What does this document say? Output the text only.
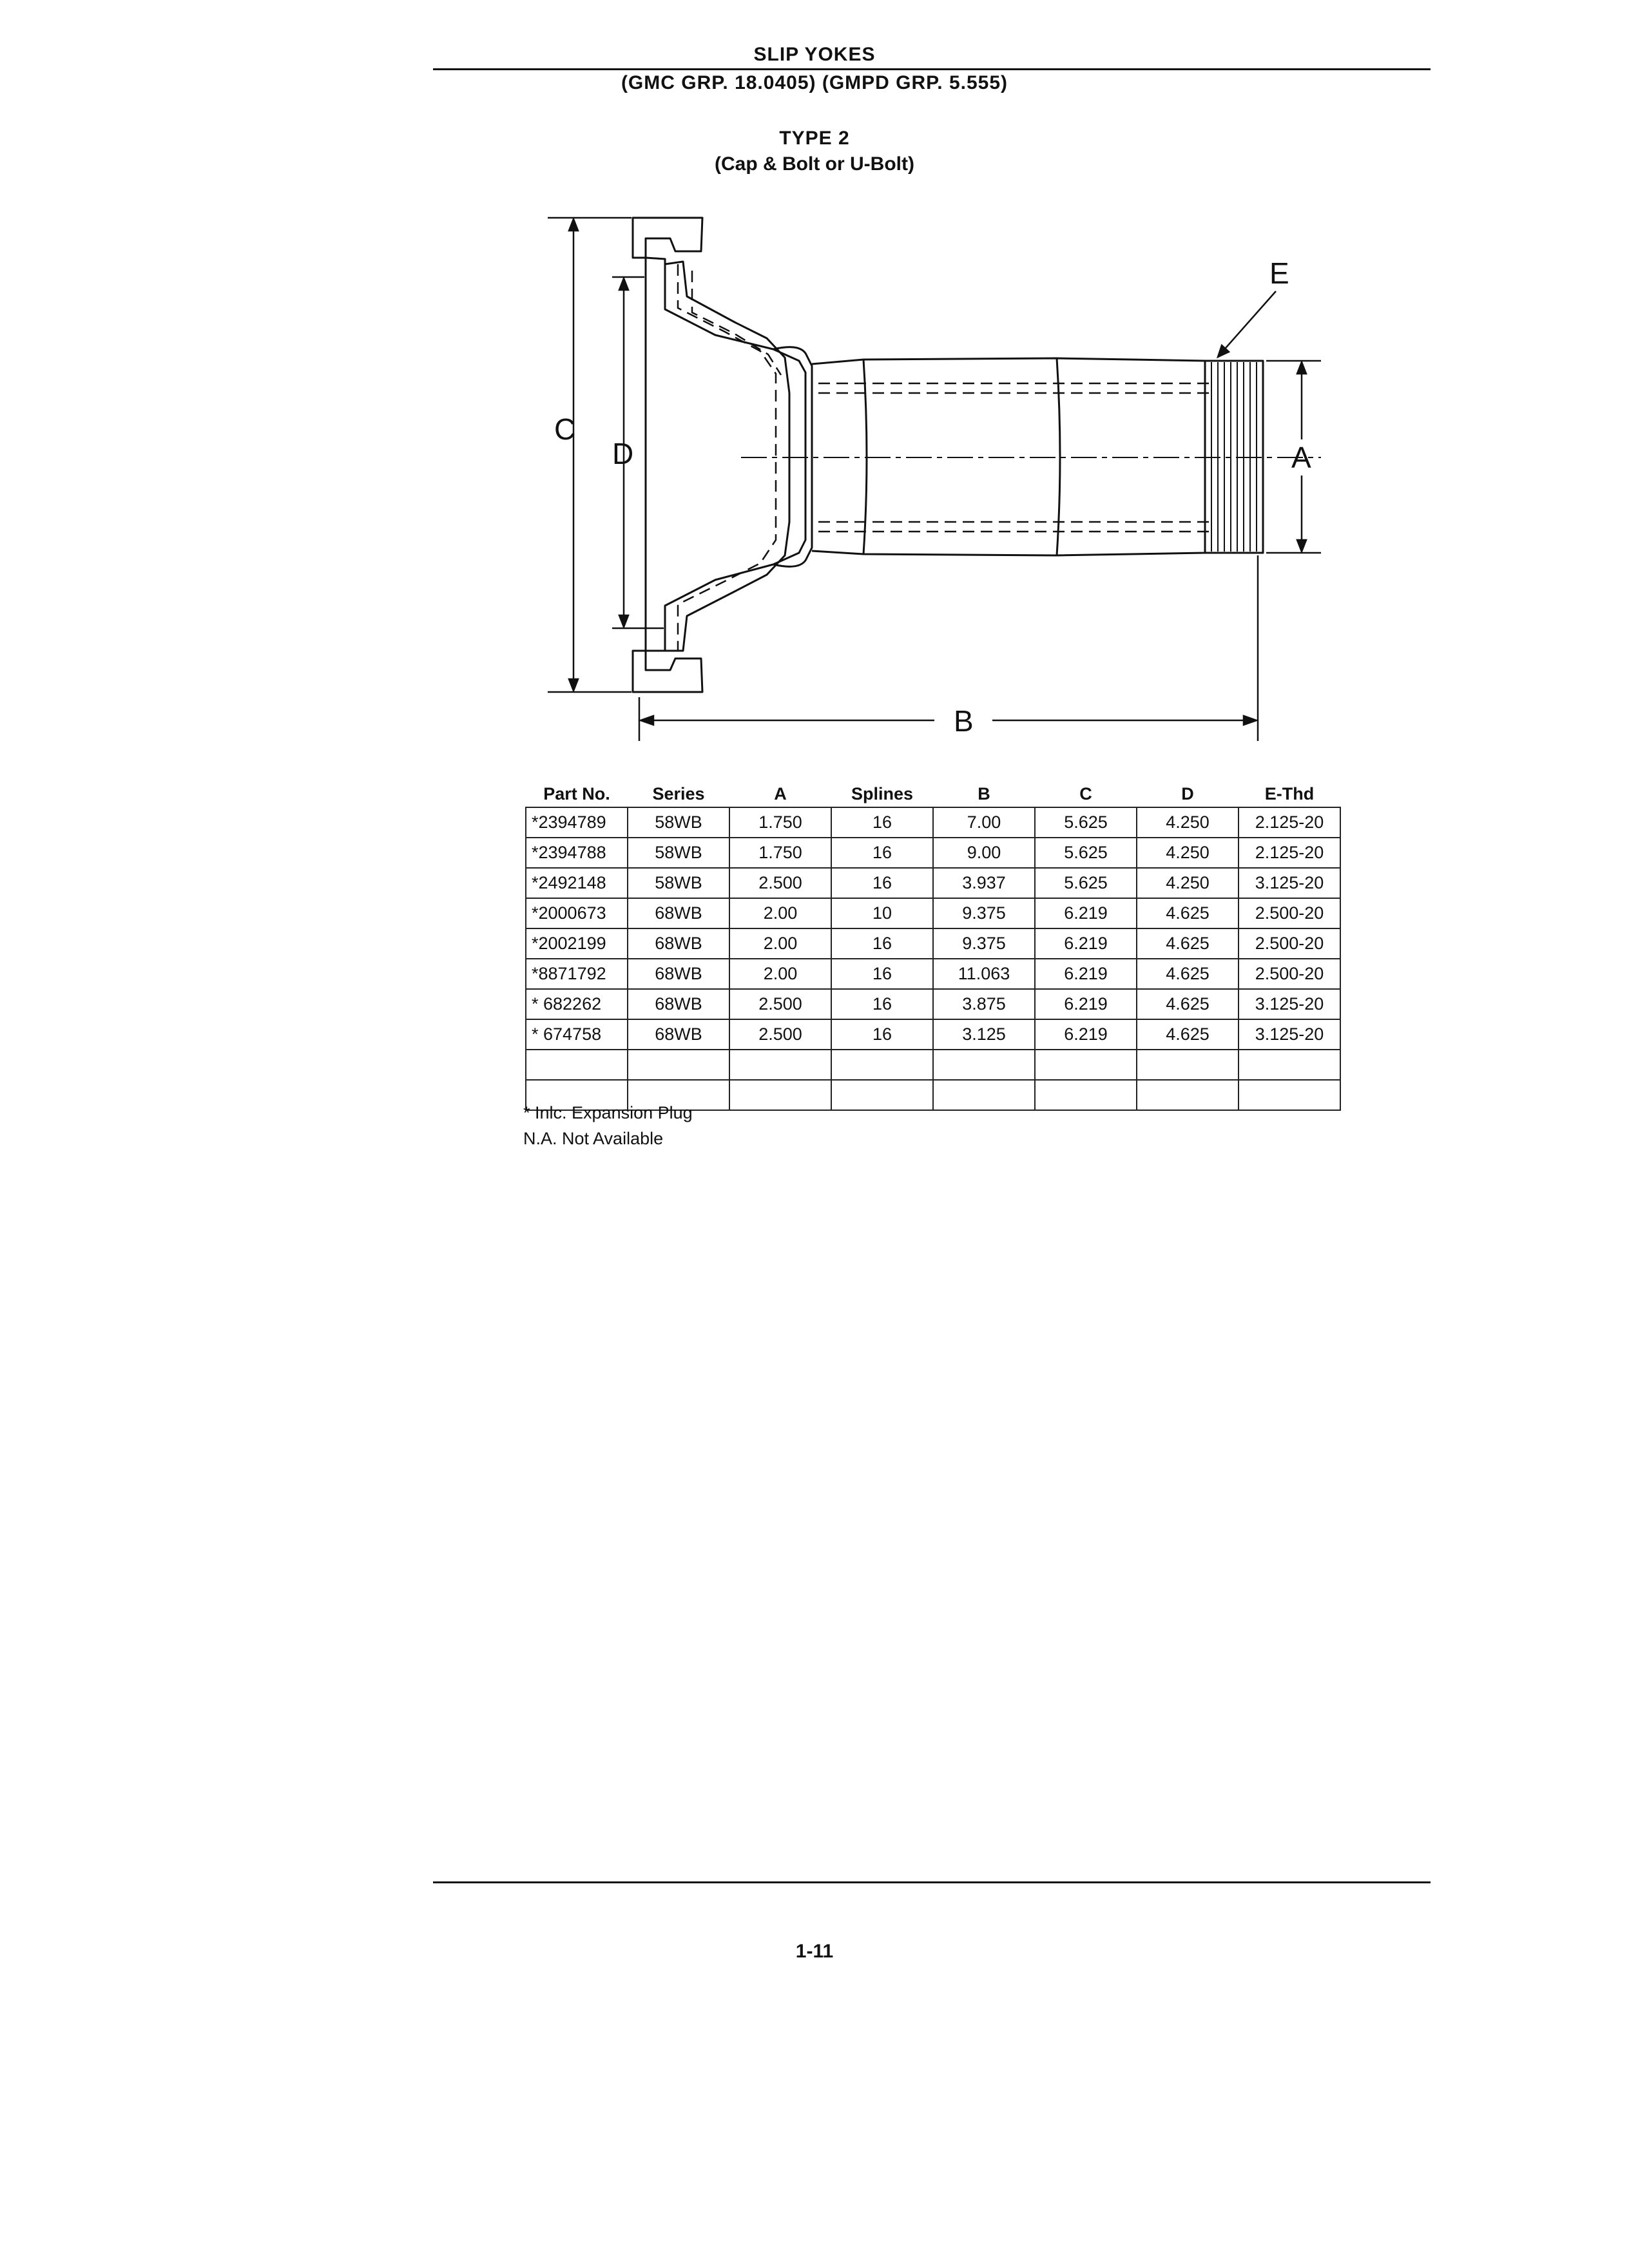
SLIP YOKES
(GMC GRP. 18.0405) (GMPD GRP. 5.555)
TYPE 2
(Cap & Bolt or U-Bolt)
C
D	A
E
B
Part No.	Series	A	Splines	B	C	D	E-Thd
*2394789	58WB	1.750	16	7.00	5.625	4.250	2.125-20
*2394788	58WB	1.750	16	9.00	5.625	4.250	2.125-20
*2492148	58WB	2.500	16	3.937	5.625	4.250	3.125-20
*2000673	68WB	2.00	10	9.375	6.219	4.625	2.500-20
*2002199	68WB	2.00	16	9.375	6.219	4.625	2.500-20
*8871792	68WB	2.00	16	11.063	6.219	4.625	2.500-20
* 682262	68WB	2.500	16	3.875	6.219	4.625	3.125-20
* 674758	68WB	2.500	16	3.125	6.219	4.625	3.125-20

* Inlc. Expansion Plug
N.A. Not Available
1-11
